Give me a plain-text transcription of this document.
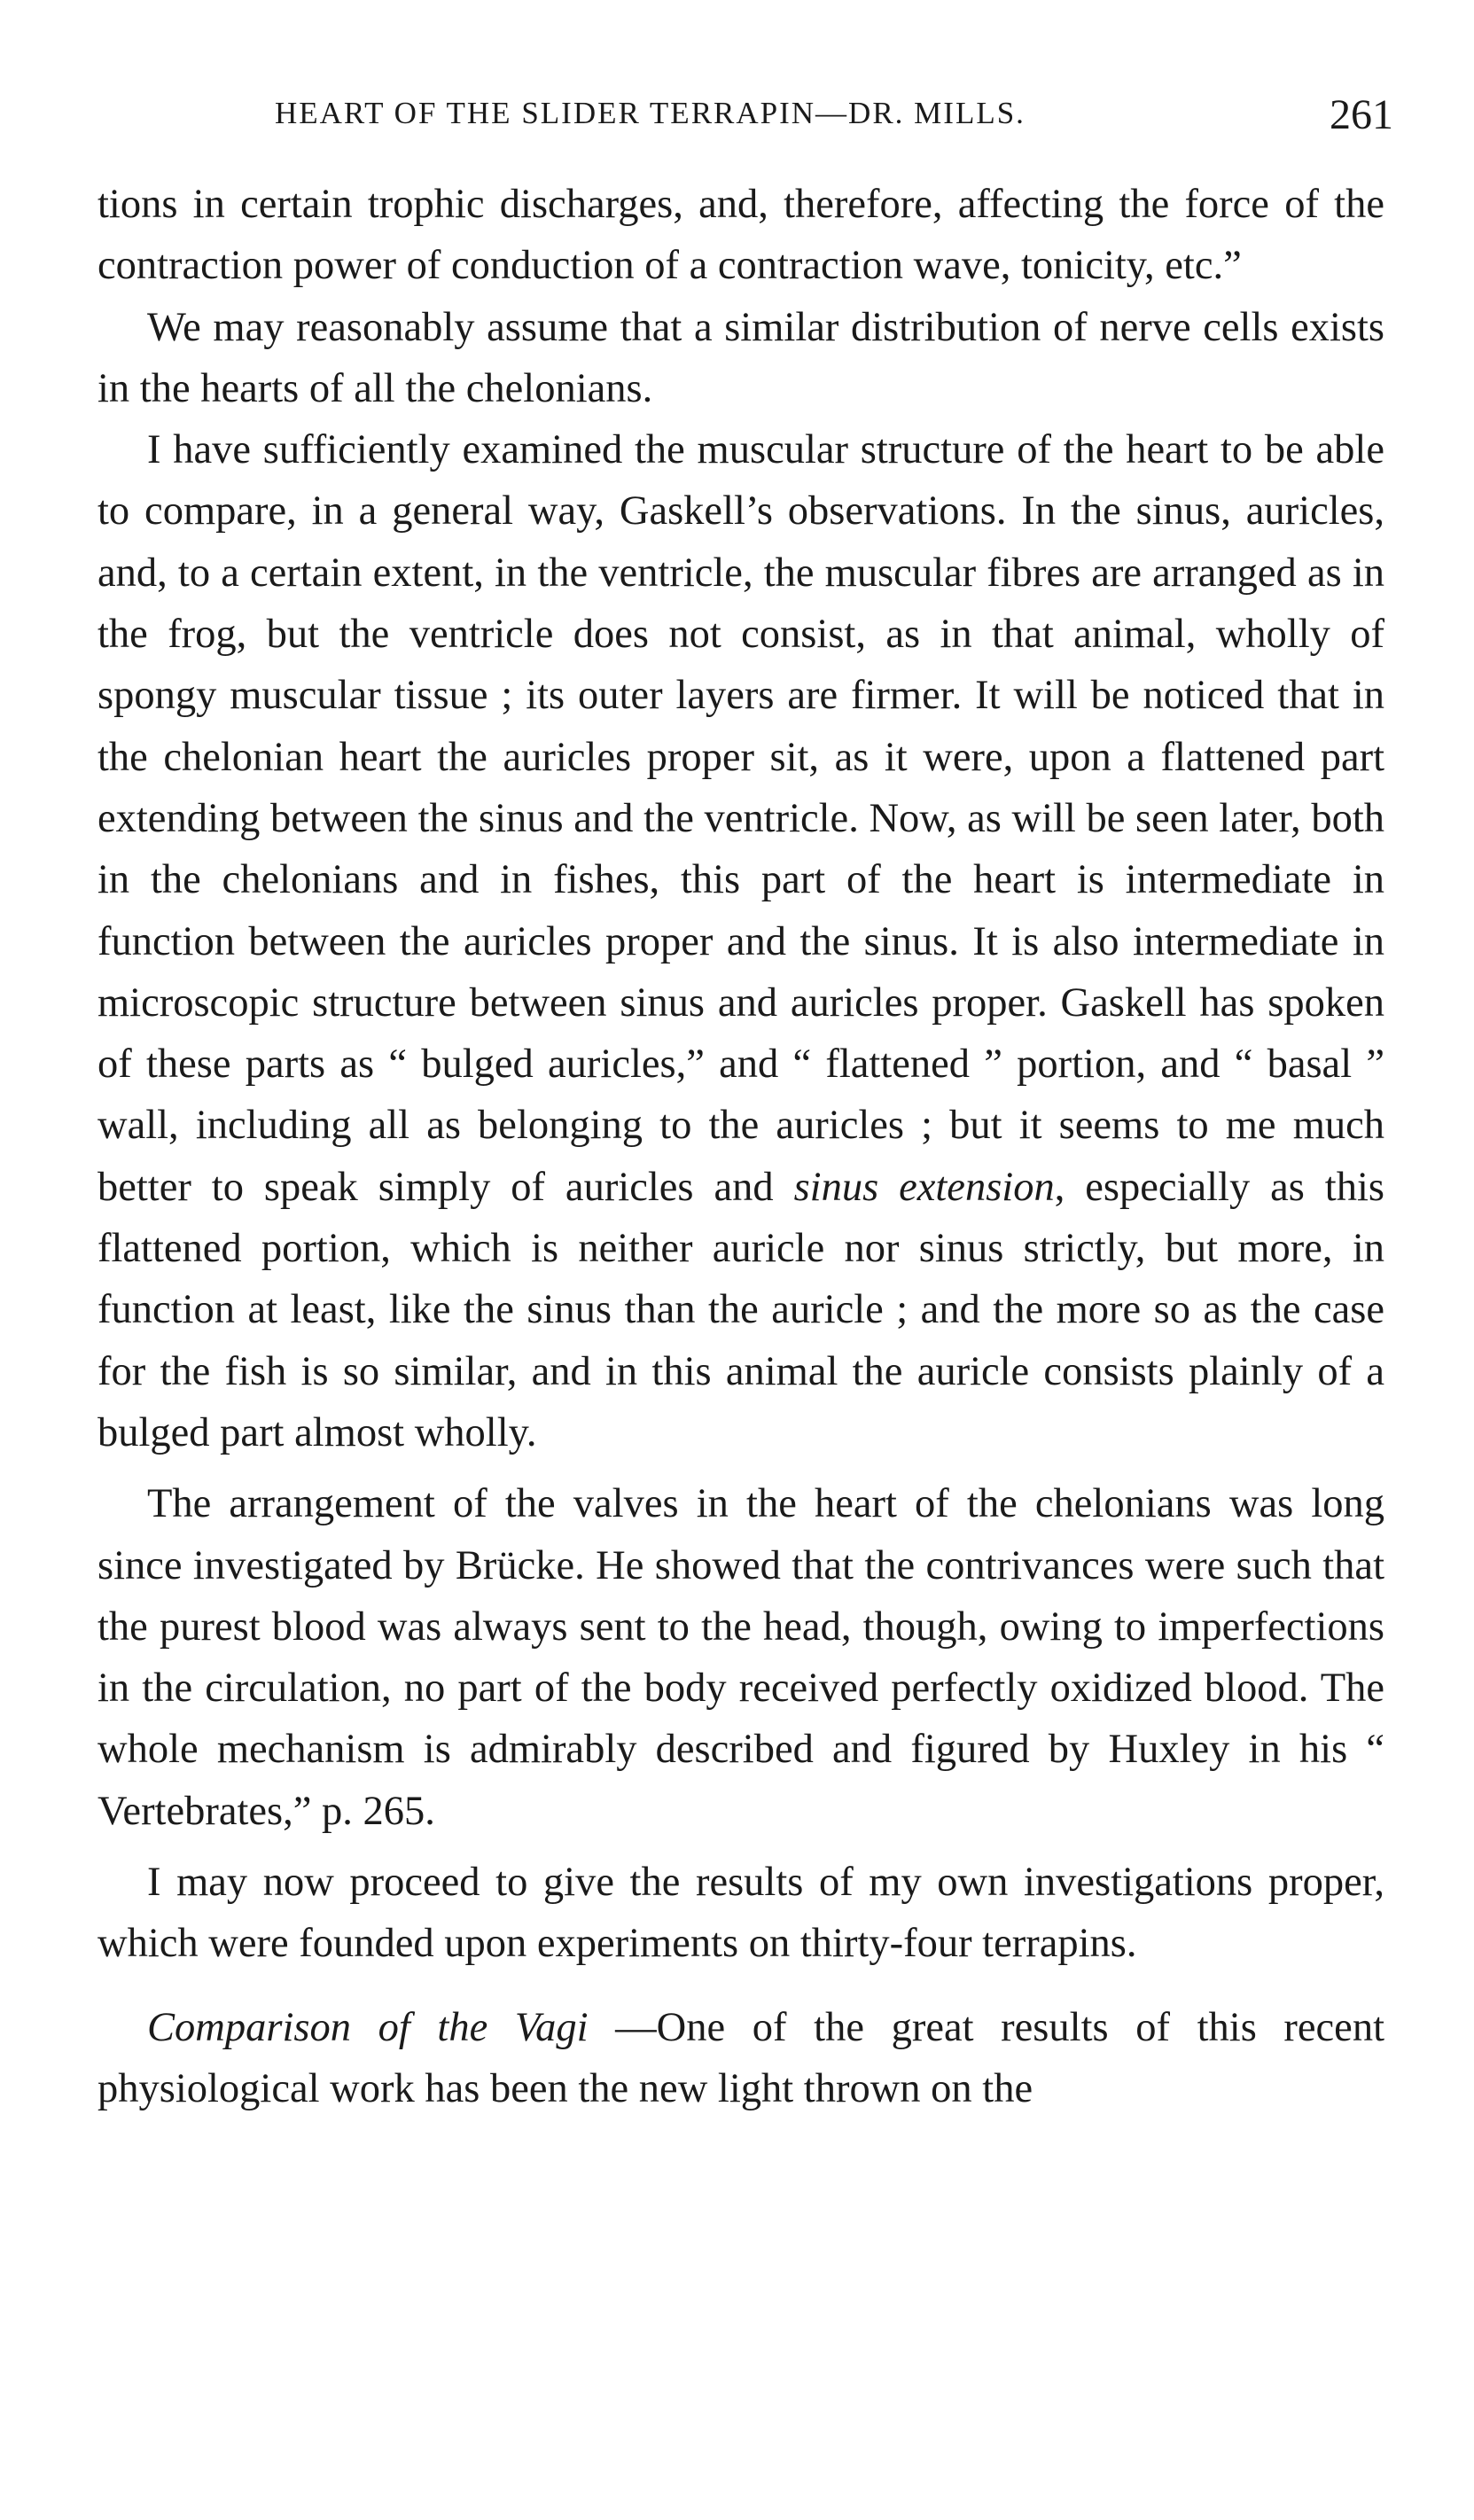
HEART OF THE SLIDER TERRAPIN—DR. MILLS.	261

tions in certain trophic discharges, and, therefore, affecting the force of the contraction power of conduction of a contraction wave, tonicity, etc.”

We may reasonably assume that a similar distribution of nerve cells exists in the hearts of all the chelonians.

I have sufficiently examined the muscular structure of the heart to be able to compare, in a general way, Gaskell’s observations. In the sinus, auricles, and, to a certain extent, in the ventricle, the muscular fibres are arranged as in the frog, but the ventricle does not consist, as in that animal, wholly of spongy muscular tissue ; its outer layers are firmer. It will be noticed that in the chelonian heart the auricles proper sit, as it were, upon a flattened part extending between the sinus and the ventricle. Now, as will be seen later, both in the chelonians and in fishes, this part of the heart is intermediate in function between the auricles proper and the sinus. It is also intermediate in microscopic structure between sinus and auricles proper. Gaskell has spoken of these parts as “ bulged auricles,” and “ flattened ” portion, and “ basal ” wall, including all as belonging to the auricles ; but it seems to me much better to speak simply of auricles and sinus extension, especially as this flattened portion, which is neither auricle nor sinus strictly, but more, in function at least, like the sinus than the auricle ; and the more so as the case for the fish is so similar, and in this animal the auricle consists plainly of a bulged part almost wholly.

The arrangement of the valves in the heart of the chelonians was long since investigated by Brücke. He showed that the contrivances were such that the purest blood was always sent to the head, though, owing to imperfections in the circulation, no part of the body received perfectly oxidized blood. The whole mechanism is admirably described and figured by Huxley in his “ Vertebrates,” p. 265.

I may now proceed to give the results of my own investigations proper, which were founded upon experiments on thirty-four terrapins.

Comparison of the Vagi —One of the great results of this recent physiological work has been the new light thrown on the
